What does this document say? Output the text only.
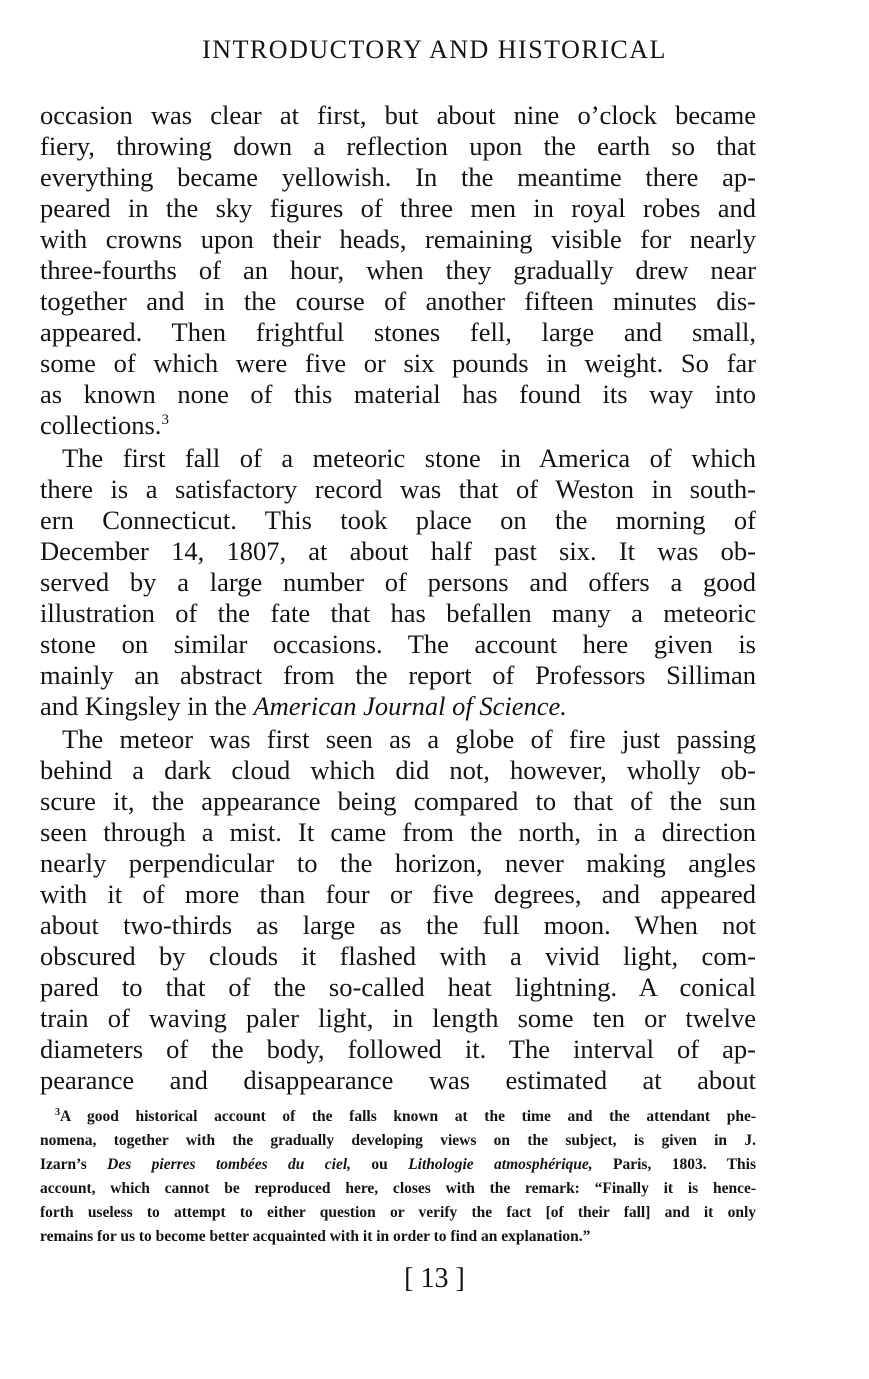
INTRODUCTORY AND HISTORICAL
occasion was clear at first, but about nine o’clock became
fiery, throwing down a reflection upon the earth so that
everything became yellowish. In the meantime there ap-
peared in the sky figures of three men in royal robes and
with crowns upon their heads, remaining visible for nearly
three-fourths of an hour, when they gradually drew near
together and in the course of another fifteen minutes dis-
appeared. Then frightful stones fell, large and small,
some of which were five or six pounds in weight. So far
as known none of this material has found its way into
collections.$^3$
The first fall of a meteoric stone in America of which
there is a satisfactory record was that of Weston in south-
ern Connecticut. This took place on the morning of
December 14, 1807, at about half past six. It was ob-
served by a large number of persons and offers a good
illustration of the fate that has befallen many a meteoric
stone on similar occasions. The account here given is
mainly an abstract from the report of Professors Silliman
and Kingsley in the American Journal of Science.
The meteor was first seen as a globe of fire just passing
behind a dark cloud which did not, however, wholly ob-
scure it, the appearance being compared to that of the sun
seen through a mist. It came from the north, in a direction
nearly perpendicular to the horizon, never making angles
with it of more than four or five degrees, and appeared
about two-thirds as large as the full moon. When not
obscured by clouds it flashed with a vivid light, com-
pared to that of the so-called heat lightning. A conical
train of waving paler light, in length some ten or twelve
diameters of the body, followed it. The interval of ap-
pearance and disappearance was estimated at about
$^3$A good historical account of the falls known at the time and the attendant phe-
nomena, together with the gradually developing views on the subject, is given in J.
Izarn’s Des pierres tombées du ciel, ou Lithologie atmosphérique, Paris, 1803. This
account, which cannot be reproduced here, closes with the remark: “Finally it is hence-
forth useless to attempt to either question or verify the fact [of their fall] and it only
remains for us to become better acquainted with it in order to find an explanation.”
[ 13 ]
